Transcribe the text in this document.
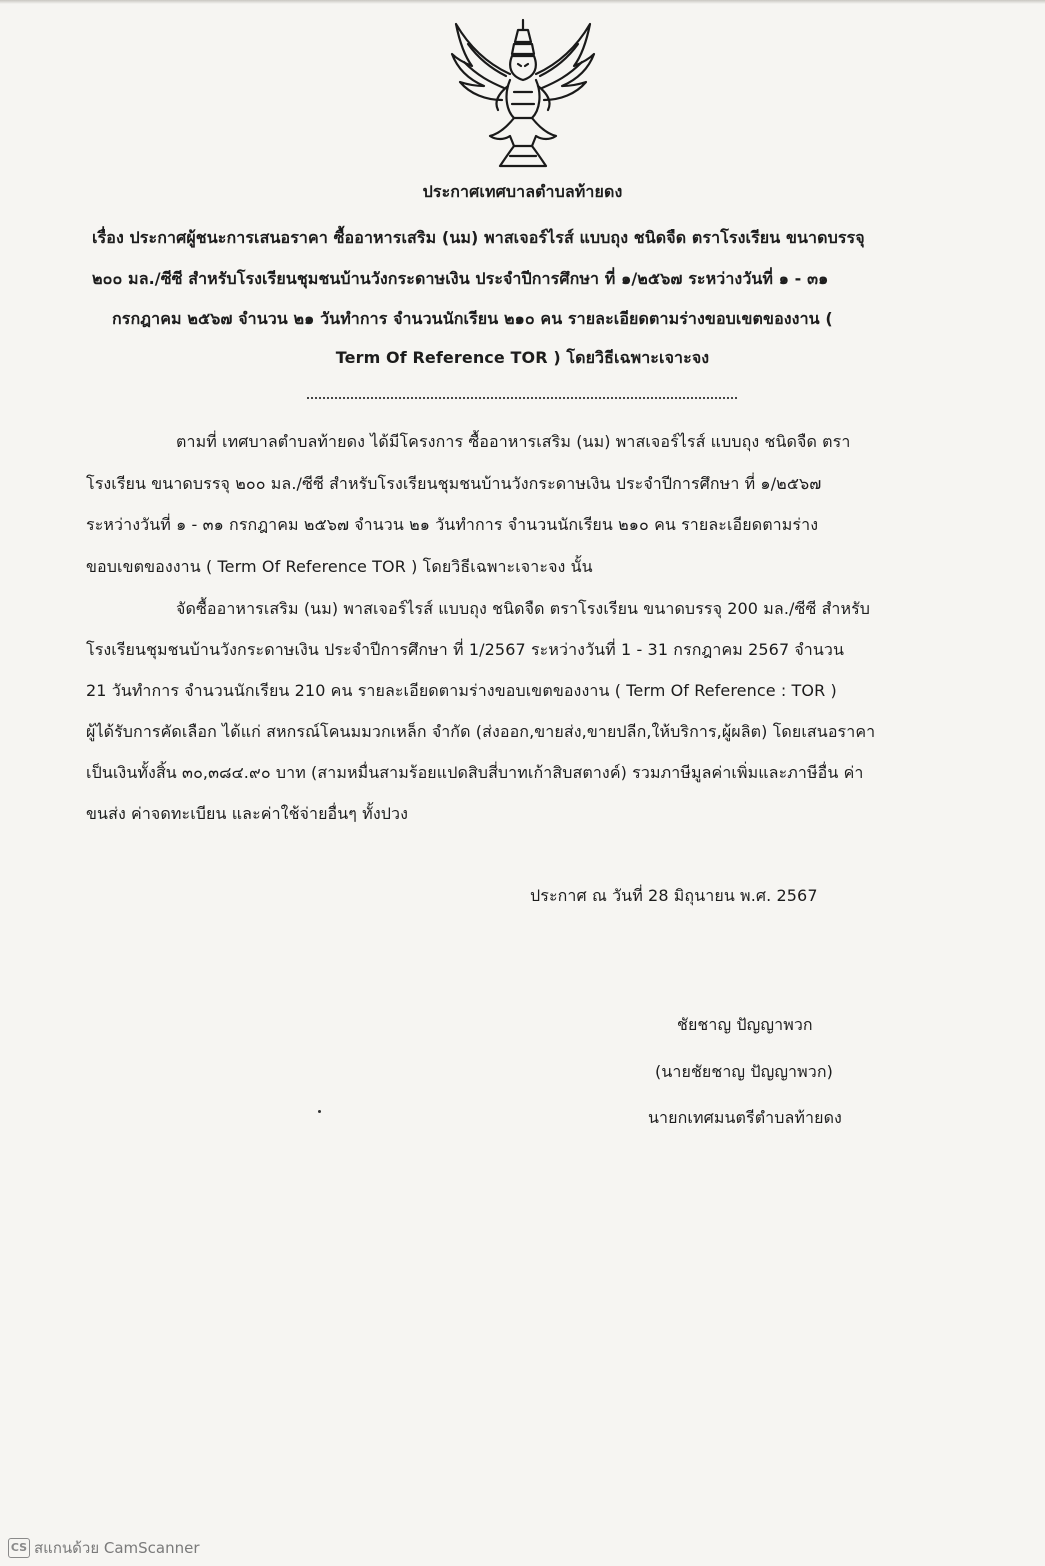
ประกาศเทศบาลตำบลท้ายดง
เรื่อง ประกาศผู้ชนะการเสนอราคา ซื้ออาหารเสริม (นม) พาสเจอร์ไรส์ แบบถุง ชนิดจืด ตราโรงเรียน ขนาดบรรจุ
๒๐๐ มล./ซีซี สำหรับโรงเรียนชุมชนบ้านวังกระดาษเงิน ประจำปีการศึกษา ที่ ๑/๒๕๖๗ ระหว่างวันที่ ๑ - ๓๑
กรกฎาคม ๒๕๖๗ จำนวน ๒๑ วันทำการ จำนวนนักเรียน ๒๑๐ คน รายละเอียดตามร่างขอบเขตของงาน (
Term Of Reference TOR ) โดยวิธีเฉพาะเจาะจง
ตามที่ เทศบาลตำบลท้ายดง ได้มีโครงการ ซื้ออาหารเสริม (นม) พาสเจอร์ไรส์ แบบถุง ชนิดจืด ตรา
โรงเรียน ขนาดบรรจุ ๒๐๐ มล./ซีซี สำหรับโรงเรียนชุมชนบ้านวังกระดาษเงิน ประจำปีการศึกษา ที่ ๑/๒๕๖๗
ระหว่างวันที่ ๑ - ๓๑ กรกฎาคม ๒๕๖๗ จำนวน ๒๑ วันทำการ จำนวนนักเรียน ๒๑๐ คน รายละเอียดตามร่าง
ขอบเขตของงาน ( Term Of Reference TOR ) โดยวิธีเฉพาะเจาะจง นั้น
จัดซื้ออาหารเสริม (นม) พาสเจอร์ไรส์ แบบถุง ชนิดจืด ตราโรงเรียน ขนาดบรรจุ 200 มล./ซีซี สำหรับ
โรงเรียนชุมชนบ้านวังกระดาษเงิน ประจำปีการศึกษา ที่ 1/2567 ระหว่างวันที่ 1 - 31 กรกฎาคม 2567 จำนวน
21 วันทำการ จำนวนนักเรียน 210 คน รายละเอียดตามร่างขอบเขตของงาน ( Term Of Reference : TOR )
ผู้ได้รับการคัดเลือก ได้แก่ สหกรณ์โคนมมวกเหล็ก จำกัด (ส่งออก,ขายส่ง,ขายปลีก,ให้บริการ,ผู้ผลิต) โดยเสนอราคา
เป็นเงินทั้งสิ้น ๓๐,๓๘๔.๙๐ บาท (สามหมื่นสามร้อยแปดสิบสี่บาทเก้าสิบสตางค์) รวมภาษีมูลค่าเพิ่มและภาษีอื่น ค่า
ขนส่ง ค่าจดทะเบียน และค่าใช้จ่ายอื่นๆ ทั้งปวง
ประกาศ ณ วันที่ 28 มิถุนายน พ.ศ. 2567
ชัยชาญ ปัญญาพวก
(นายชัยชาญ ปัญญาพวก)
นายกเทศมนตรีตำบลท้ายดง
CS สแกนด้วย CamScanner
